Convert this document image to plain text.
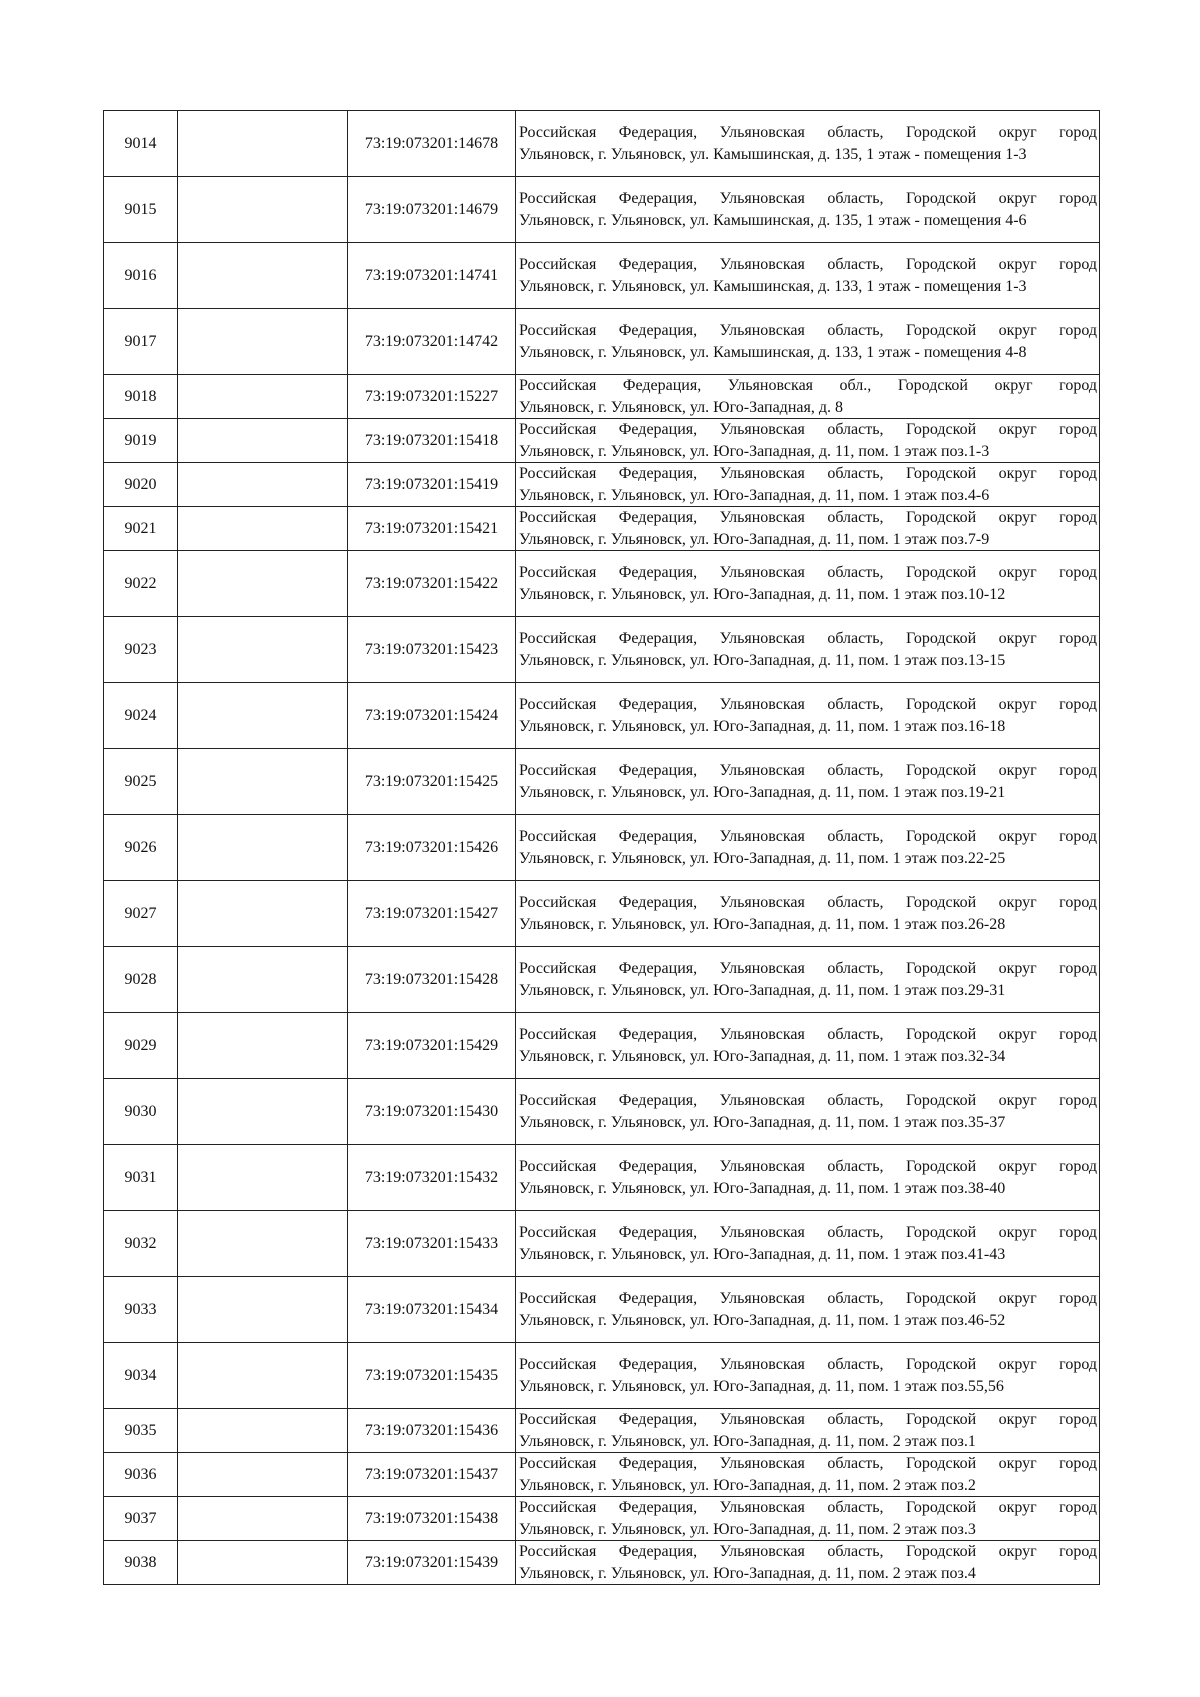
9014		73:19:073201:14678	Российская Федерация, Ульяновская область, Городской округ город
Ульяновск, г. Ульяновск, ул. Камышинская, д. 135, 1 этаж - помещения 1-3

9015		73:19:073201:14679	Российская Федерация, Ульяновская область, Городской округ город
Ульяновск, г. Ульяновск, ул. Камышинская, д. 135, 1 этаж - помещения 4-6

9016		73:19:073201:14741	Российская Федерация, Ульяновская область, Городской округ город
Ульяновск, г. Ульяновск, ул. Камышинская, д. 133, 1 этаж - помещения 1-3

9017		73:19:073201:14742	Российская Федерация, Ульяновская область, Городской округ город
Ульяновск, г. Ульяновск, ул. Камышинская, д. 133, 1 этаж - помещения 4-8

9018		73:19:073201:15227	Российская Федерация, Ульяновская обл., Городской округ город
Ульяновск, г. Ульяновск, ул. Юго-Западная, д. 8

9019		73:19:073201:15418	Российская Федерация, Ульяновская область, Городской округ город
Ульяновск, г. Ульяновск, ул. Юго-Западная, д. 11, пом. 1 этаж поз.1-3

9020		73:19:073201:15419	Российская Федерация, Ульяновская область, Городской округ город
Ульяновск, г. Ульяновск, ул. Юго-Западная, д. 11, пом. 1 этаж поз.4-6

9021		73:19:073201:15421	Российская Федерация, Ульяновская область, Городской округ город
Ульяновск, г. Ульяновск, ул. Юго-Западная, д. 11, пом. 1 этаж поз.7-9

9022		73:19:073201:15422	Российская Федерация, Ульяновская область, Городской округ город
Ульяновск, г. Ульяновск, ул. Юго-Западная, д. 11, пом. 1 этаж поз.10-12

9023		73:19:073201:15423	Российская Федерация, Ульяновская область, Городской округ город
Ульяновск, г. Ульяновск, ул. Юго-Западная, д. 11, пом. 1 этаж поз.13-15

9024		73:19:073201:15424	Российская Федерация, Ульяновская область, Городской округ город
Ульяновск, г. Ульяновск, ул. Юго-Западная, д. 11, пом. 1 этаж поз.16-18

9025		73:19:073201:15425	Российская Федерация, Ульяновская область, Городской округ город
Ульяновск, г. Ульяновск, ул. Юго-Западная, д. 11, пом. 1 этаж поз.19-21

9026		73:19:073201:15426	Российская Федерация, Ульяновская область, Городской округ город
Ульяновск, г. Ульяновск, ул. Юго-Западная, д. 11, пом. 1 этаж поз.22-25

9027		73:19:073201:15427	Российская Федерация, Ульяновская область, Городской округ город
Ульяновск, г. Ульяновск, ул. Юго-Западная, д. 11, пом. 1 этаж поз.26-28

9028		73:19:073201:15428	Российская Федерация, Ульяновская область, Городской округ город
Ульяновск, г. Ульяновск, ул. Юго-Западная, д. 11, пом. 1 этаж поз.29-31

9029		73:19:073201:15429	Российская Федерация, Ульяновская область, Городской округ город
Ульяновск, г. Ульяновск, ул. Юго-Западная, д. 11, пом. 1 этаж поз.32-34

9030		73:19:073201:15430	Российская Федерация, Ульяновская область, Городской округ город
Ульяновск, г. Ульяновск, ул. Юго-Западная, д. 11, пом. 1 этаж поз.35-37

9031		73:19:073201:15432	Российская Федерация, Ульяновская область, Городской округ город
Ульяновск, г. Ульяновск, ул. Юго-Западная, д. 11, пом. 1 этаж поз.38-40

9032		73:19:073201:15433	Российская Федерация, Ульяновская область, Городской округ город
Ульяновск, г. Ульяновск, ул. Юго-Западная, д. 11, пом. 1 этаж поз.41-43

9033		73:19:073201:15434	Российская Федерация, Ульяновская область, Городской округ город
Ульяновск, г. Ульяновск, ул. Юго-Западная, д. 11, пом. 1 этаж поз.46-52

9034		73:19:073201:15435	Российская Федерация, Ульяновская область, Городской округ город
Ульяновск, г. Ульяновск, ул. Юго-Западная, д. 11, пом. 1 этаж поз.55,56

9035		73:19:073201:15436	Российская Федерация, Ульяновская область, Городской округ город
Ульяновск, г. Ульяновск, ул. Юго-Западная, д. 11, пом. 2 этаж поз.1

9036		73:19:073201:15437	Российская Федерация, Ульяновская область, Городской округ город
Ульяновск, г. Ульяновск, ул. Юго-Западная, д. 11, пом. 2 этаж поз.2

9037		73:19:073201:15438	Российская Федерация, Ульяновская область, Городской округ город
Ульяновск, г. Ульяновск, ул. Юго-Западная, д. 11, пом. 2 этаж поз.3

9038		73:19:073201:15439	Российская Федерация, Ульяновская область, Городской округ город
Ульяновск, г. Ульяновск, ул. Юго-Западная, д. 11, пом. 2 этаж поз.4
